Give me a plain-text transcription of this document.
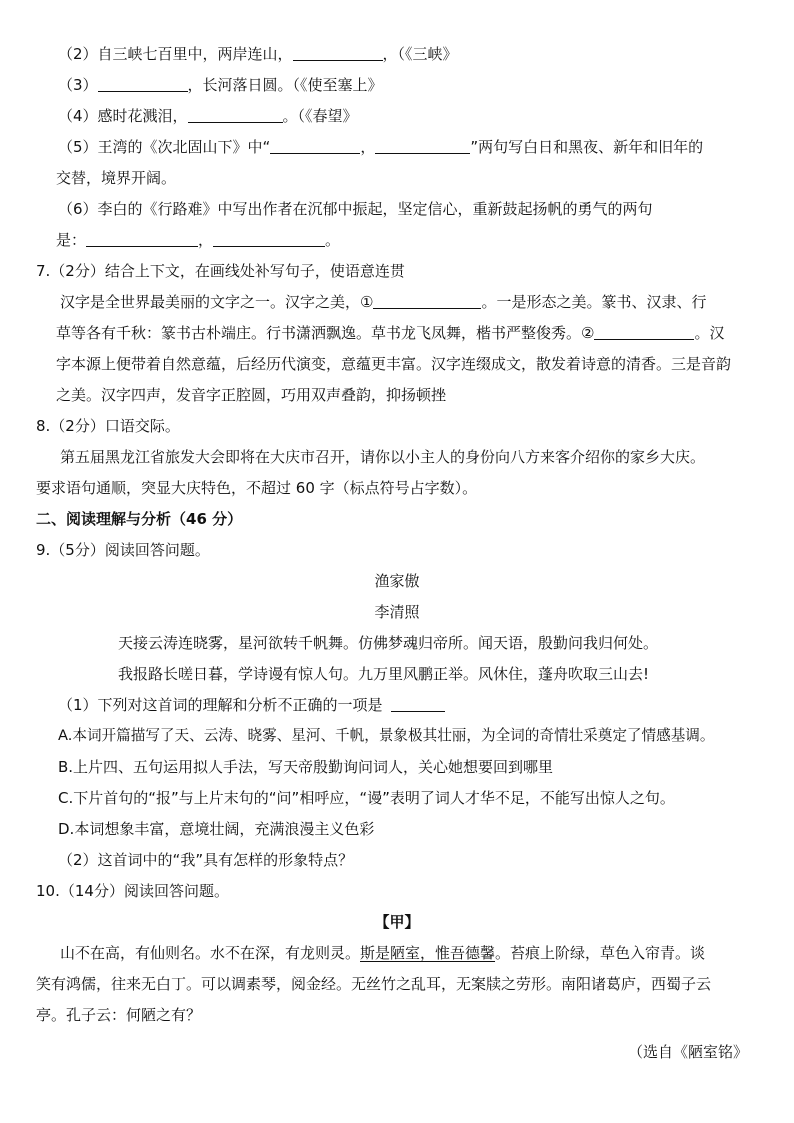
（2）自三峡七百里中，两岸连山，	，（《三峡》
（3）	，长河落日圆。（《使至塞上》
（4）感时花溅泪，	。（《春望》
（5）王湾的《次北固山下》中“	，	”两句写白日和黑夜、新年和旧年的
交替，境界开阔。
（6）李白的《行路难》中写出作者在沉郁中振起，坚定信心，重新鼓起扬帆的勇气的两句
是：	，	。
7.（2分）结合上下文，在画线处补写句子，使语意连贯
汉字是全世界最美丽的文字之一。汉字之美，①	。一是形态之美。篆书、汉隶、行
草等各有千秋：篆书古朴端庄。行书潇洒飘逸。草书龙飞凤舞，楷书严整俊秀。②	。汉
字本源上便带着自然意蕴，后经历代演变，意蕴更丰富。汉字连缀成文，散发着诗意的清香。三是音韵
之美。汉字四声，发音字正腔圆，巧用双声叠韵，抑扬顿挫
8.（2分）口语交际。
第五届黑龙江省旅发大会即将在大庆市召开，请你以小主人的身份向八方来客介绍你的家乡大庆。
要求语句通顺，突显大庆特色，不超过 60 字（标点符号占字数）。
二、阅读理解与分析（46 分）
9.（5分）阅读回答问题。
渔家傲
李清照
天接云涛连晓雾，星河欲转千帆舞。仿佛梦魂归帝所。闻天语，殷勤问我归何处。
我报路长嗟日暮，学诗谩有惊人句。九万里风鹏正举。风休住，蓬舟吹取三山去!
（1）下列对这首词的理解和分析不正确的一项是
A.本词开篇描写了天、云涛、晓雾、星河、千帆，景象极其壮丽，为全词的奇情壮采奠定了情感基调。
B.上片四、五句运用拟人手法，写天帝殷勤询问词人，关心她想要回到哪里
C.下片首句的“报”与上片末句的“问”相呼应，“谩”表明了词人才华不足，不能写出惊人之句。
D.本词想象丰富，意境壮阔，充满浪漫主义色彩
（2）这首词中的“我”具有怎样的形象特点？
10.（14分）阅读回答问题。
【甲】
山不在高，有仙则名。水不在深，有龙则灵。斯是陋室，惟吾德馨。苔痕上阶绿，草色入帘青。谈
笑有鸿儒，往来无白丁。可以调素琴，阅金经。无丝竹之乱耳，无案牍之劳形。南阳诸葛庐，西蜀子云
亭。孔子云：何陋之有？
（选自《陋室铭》
